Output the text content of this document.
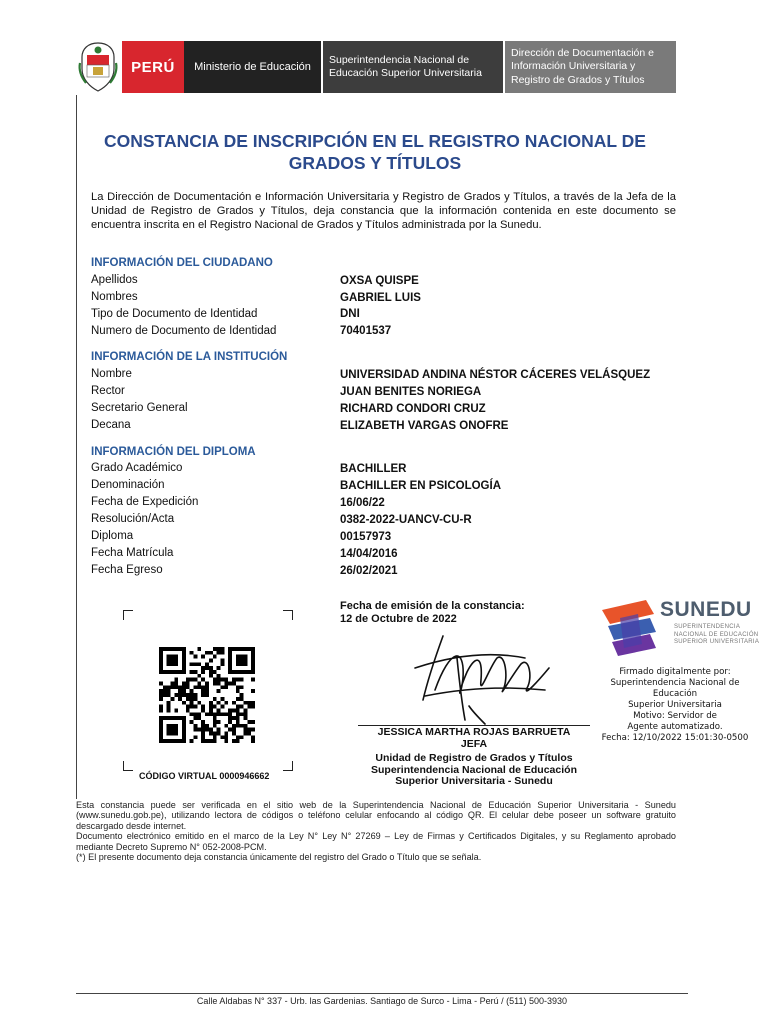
PERÚ	Ministerio de Educación
Superintendencia Nacional de Educación Superior Universitaria
Dirección de Documentación e Información Universitaria y Registro de Grados y Títulos
CONSTANCIA DE INSCRIPCIÓN EN EL REGISTRO NACIONAL DE GRADOS Y TÍTULOS
La Dirección de Documentación e Información Universitaria y Registro de Grados y Títulos, a través de la Jefa de la Unidad de Registro de Grados y Títulos, deja constancia que la información contenida en este documento se encuentra inscrita en el Registro Nacional de Grados y Títulos administrada por la Sunedu.
INFORMACIÓN DEL CIUDADANO
Apellidos	OXSA QUISPE
Nombres	GABRIEL LUIS
Tipo de Documento de Identidad	DNI
Numero de Documento de Identidad	70401537
INFORMACIÓN DE LA INSTITUCIÓN
Nombre	UNIVERSIDAD ANDINA NÉSTOR CÁCERES VELÁSQUEZ
Rector	JUAN BENITES NORIEGA
Secretario General	RICHARD CONDORI CRUZ
Decana	ELIZABETH VARGAS ONOFRE
INFORMACIÓN DEL DIPLOMA
Grado Académico	BACHILLER
Denominación	BACHILLER EN PSICOLOGÍA
Fecha de Expedición	16/06/22
Resolución/Acta	0382-2022-UANCV-CU-R
Diploma	00157973
Fecha Matrícula	14/04/2016
Fecha Egreso	26/02/2021
CÓDIGO VIRTUAL 0000946662
Fecha de emisión de la constancia:
12 de Octubre de 2022
JESSICA MARTHA ROJAS BARRUETA
JEFA
Unidad de Registro de Grados y Títulos
Superintendencia Nacional de Educación
Superior Universitaria - Sunedu
SUNEDU
SUPERINTENDENCIA
NACIONAL DE EDUCACIÓN
SUPERIOR UNIVERSITARIA
Firmado digitalmente por:
Superintendencia Nacional de Educación
Superior Universitaria
Motivo: Servidor de
Agente automatizado.
Fecha: 12/10/2022 15:01:30-0500
Esta constancia puede ser verificada en el sitio web de la Superintendencia Nacional de Educación Superior Universitaria - Sunedu (www.sunedu.gob.pe), utilizando lectora de códigos o teléfono celular enfocando al código QR. El celular debe poseer un software gratuito descargado desde internet.
Documento electrónico emitido en el marco de la Ley N° Ley N° 27269 – Ley de Firmas y Certificados Digitales, y su Reglamento aprobado mediante Decreto Supremo N° 052-2008-PCM.
(*) El presente documento deja constancia únicamente del registro del Grado o Título que se señala.
Calle Aldabas N° 337 - Urb. las Gardenias. Santiago de Surco - Lima - Perú / (511) 500-3930
